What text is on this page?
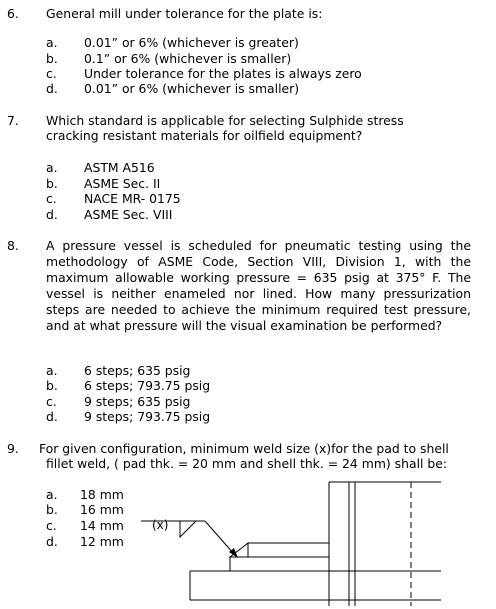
6. General mill under tolerance for the plate is:
a. 0.01” or 6% (whichever is greater)
b. 0.1” or 6% (whichever is smaller)
c. Under tolerance for the plates is always zero
d. 0.01” or 6% (whichever is smaller)
7. Which standard is applicable for selecting Sulphide stress
cracking resistant materials for oilfield equipment?
a. ASTM A516
b. ASME Sec. II
c. NACE MR- 0175
d. ASME Sec. VIII
8. A pressure vessel is scheduled for pneumatic testing using the methodology of ASME Code, Section VIII, Division 1, with the maximum allowable working pressure = 635 psig at 375° F. The vessel is neither enameled nor lined. How many pressurization steps are needed to achieve the minimum required test pressure, and at what pressure will the visual examination be performed?
a. 6 steps; 635 psig
b. 6 steps; 793.75 psig
c. 9 steps; 635 psig
d. 9 steps; 793.75 psig
9. For given configuration, minimum weld size (x)for the pad to shell
fillet weld, ( pad thk. = 20 mm and shell thk. = 24 mm) shall be:
a. 18 mm
b. 16 mm
c. 14 mm
d. 12 mm
(x)
